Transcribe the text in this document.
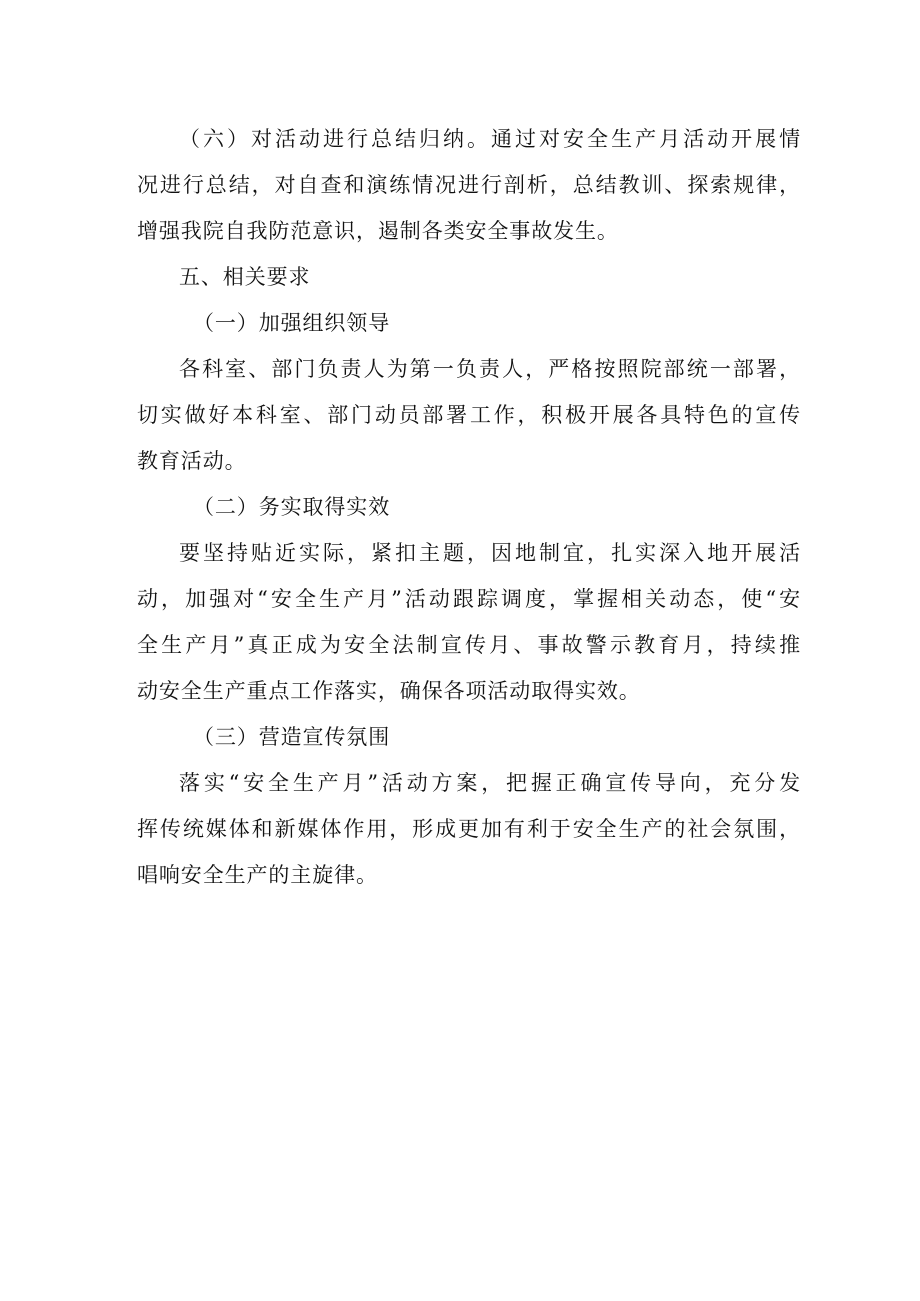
（六）对活动进行总结归纳。通过对安全生产月活动开展情
况进行总结，对自查和演练情况进行剖析，总结教训、探索规律，
增强我院自我防范意识，遏制各类安全事故发生。
五、相关要求
（一）加强组织领导
各科室、部门负责人为第一负责人，严格按照院部统一部署，
切实做好本科室、部门动员部署工作，积极开展各具特色的宣传
教育活动。
（二）务实取得实效
要坚持贴近实际，紧扣主题，因地制宜，扎实深入地开展活
动，加强对“安全生产月”活动跟踪调度，掌握相关动态，使“安
全生产月”真正成为安全法制宣传月、事故警示教育月，持续推
动安全生产重点工作落实，确保各项活动取得实效。
（三）营造宣传氛围
落实“安全生产月”活动方案，把握正确宣传导向，充分发
挥传统媒体和新媒体作用，形成更加有利于安全生产的社会氛围，
唱响安全生产的主旋律。
